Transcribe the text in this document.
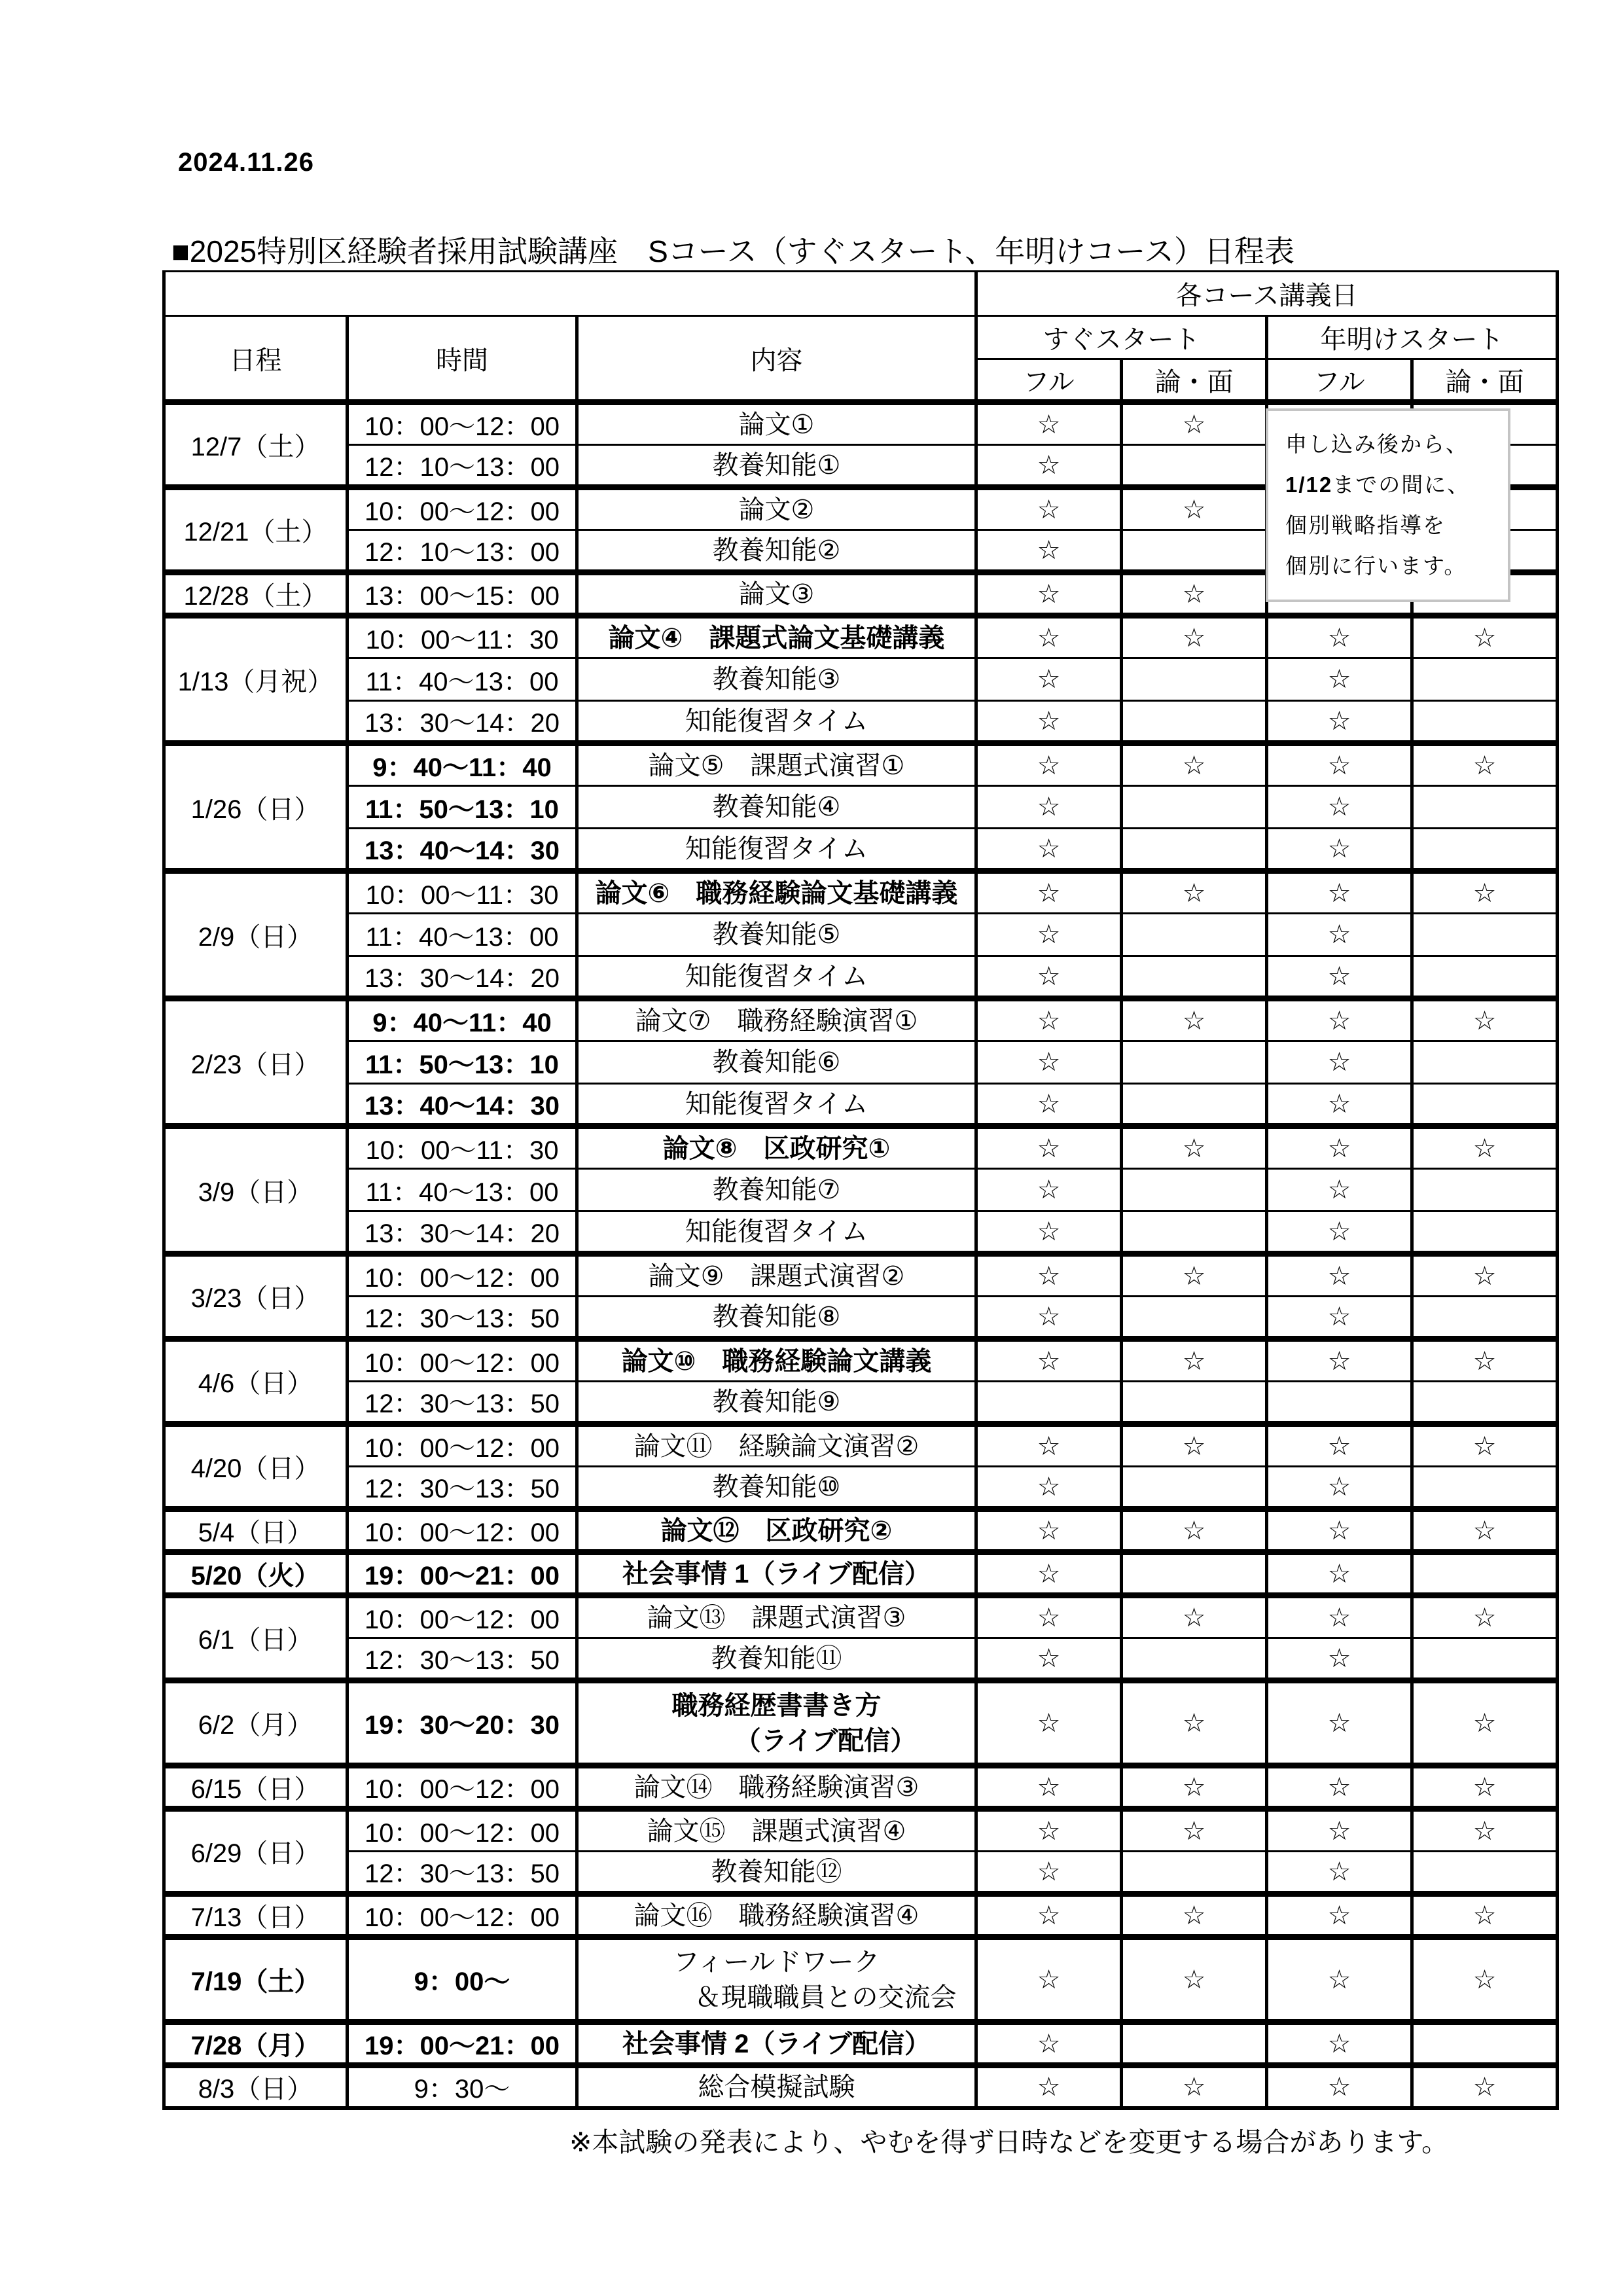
2024.11.26
■2025特別区経験者採用試験講座　Sコース（すぐスタート、年明けコース）日程表
			各コース講義日			
日程	時間	内容	すぐスタート		年明けスタート	
			フル	論・面	フル	論・面
12/7（土）	10：00～12：00	論文①	☆	☆		
	12：10～13：00	教養知能①	☆			
12/21（土）	10：00～12：00	論文②	☆	☆		
	12：10～13：00	教養知能②	☆			
12/28（土）	13：00～15：00	論文③	☆	☆		
1/13（月祝）	10：00～11：30	論文④　課題式論文基礎講義	☆	☆	☆	☆
	11：40～13：00	教養知能③	☆		☆	
	13：30～14：20	知能復習タイム	☆		☆	
1/26（日）	9：40～11：40	論文⑤　課題式演習①	☆	☆	☆	☆
	11：50～13：10	教養知能④	☆		☆	
	13：40～14：30	知能復習タイム	☆		☆	
2/9（日）	10：00～11：30	論文⑥　職務経験論文基礎講義	☆	☆	☆	☆
	11：40～13：00	教養知能⑤	☆		☆	
	13：30～14：20	知能復習タイム	☆		☆	
2/23（日）	9：40～11：40	論文⑦　職務経験演習①	☆	☆	☆	☆
	11：50～13：10	教養知能⑥	☆		☆	
	13：40～14：30	知能復習タイム	☆		☆	
3/9（日）	10：00～11：30	論文⑧　区政研究①	☆	☆	☆	☆
	11：40～13：00	教養知能⑦	☆		☆	
	13：30～14：20	知能復習タイム	☆		☆	
3/23（日）	10：00～12：00	論文⑨　課題式演習②	☆	☆	☆	☆
	12：30～13：50	教養知能⑧	☆		☆	
4/6（日）	10：00～12：00	論文⑩　職務経験論文講義	☆	☆	☆	☆
	12：30～13：50	教養知能⑨				

4/20（日）	10：00～12：00	論文⑪　経験論文演習②	☆	☆	☆	☆
	12：30～13：50	教養知能⑩	☆		☆	
5/4（日）	10：00～12：00	論文⑫　区政研究②	☆	☆	☆	☆
5/20（火）	19：00～21：00	社会事情 1（ライブ配信）	☆		☆	
6/1（日）	10：00～12：00	論文⑬　課題式演習③	☆	☆	☆	☆
	12：30～13：50	教養知能⑪	☆		☆	
6/2（月）	19：30～20：30	職務経歴書書き方
（ライブ配信）	☆	☆	☆	☆
6/15（日）	10：00～12：00	論文⑭　職務経験演習③	☆	☆	☆	☆
6/29（日）	10：00～12：00	論文⑮　課題式演習④	☆	☆	☆	☆
	12：30～13：50	教養知能⑫	☆		☆	
7/13（日）	10：00～12：00	論文⑯　職務経験演習④	☆	☆	☆	☆
7/19（土）	9：00～	フィールドワーク
＆現職職員との交流会	☆	☆	☆	☆
7/28（月）	19：00～21：00	社会事情 2（ライブ配信）	☆		☆	
8/3（日）	9：30～	総合模擬試験	☆	☆	☆	☆
申し込み後から、
1/12までの間に、
個別戦略指導を
個別に行います。
※本試験の発表により、やむを得ず日時などを変更する場合があります。
